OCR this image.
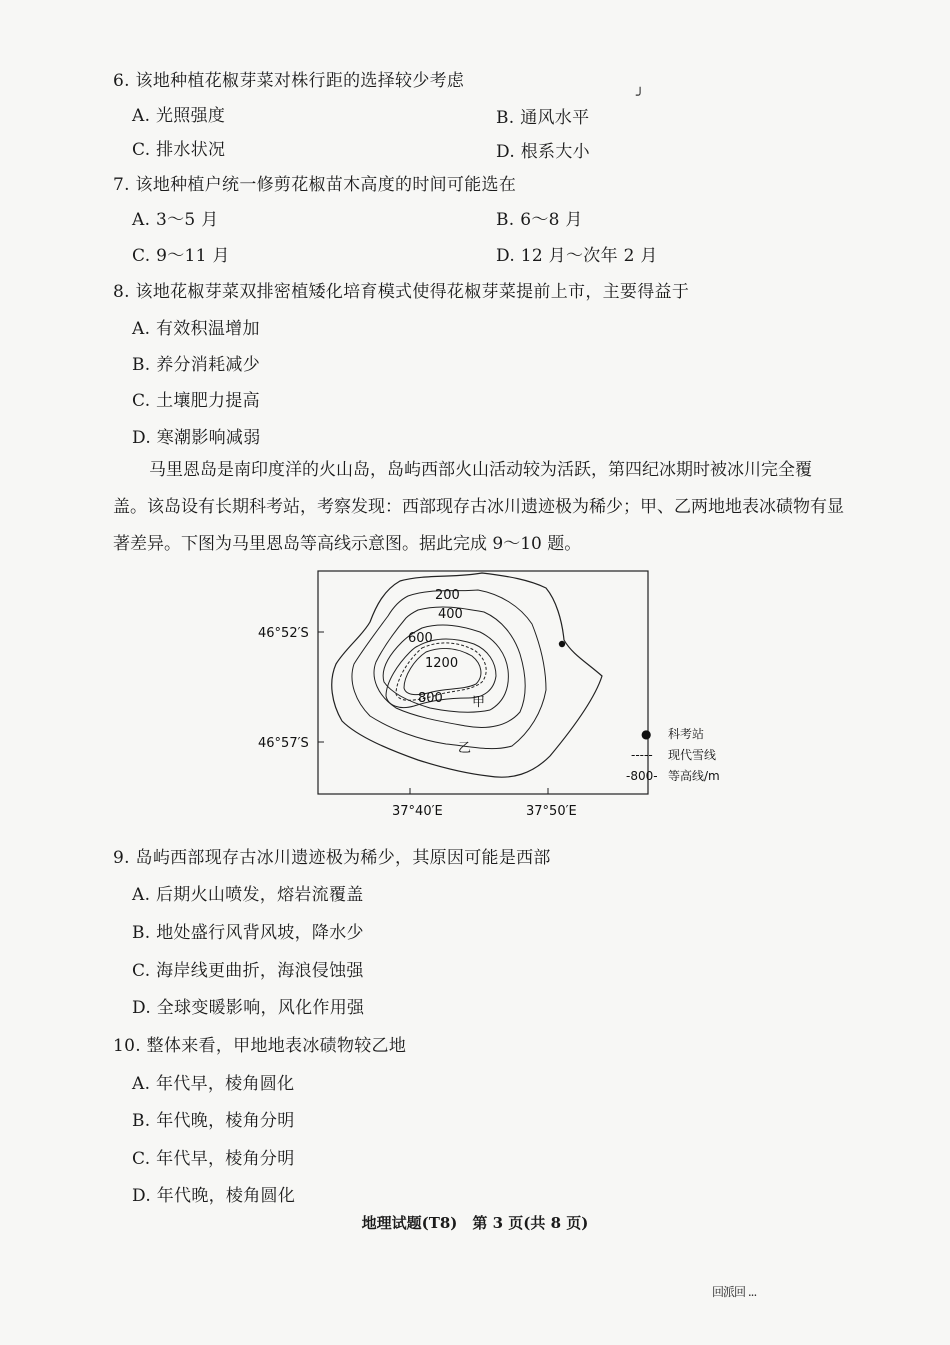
6. 该地种植花椒芽菜对株行距的选择较少考虑
╯
A. 光照强度	B. 通风水平
C. 排水状况	D. 根系大小
7. 该地种植户统一修剪花椒苗木高度的时间可能选在
A. 3～5 月	B. 6～8 月
C. 9～11 月	D. 12 月～次年 2 月
8. 该地花椒芽菜双排密植矮化培育模式使得花椒芽菜提前上市，主要得益于
A. 有效积温增加
B. 养分消耗减少
C. 土壤肥力提高
D. 寒潮影响减弱

马里恩岛是南印度洋的火山岛，岛屿西部火山活动较为活跃，第四纪冰期时被冰川完全覆

盖。该岛设有长期科考站，考察发现：西部现存古冰川遗迹极为稀少；甲、乙两地地表冰碛物有显

著差异。下图为马里恩岛等高线示意图。据此完成 9～10 题。

200
400
600
1200
800 甲
乙
46°52′S
46°57′S
37°40′E	37°50′E
● 科考站
----- 现代雪线
-800- 等高线/m
9. 岛屿西部现存古冰川遗迹极为稀少，其原因可能是西部
A. 后期火山喷发，熔岩流覆盖
B. 地处盛行风背风坡，降水少
C. 海岸线更曲折，海浪侵蚀强
D. 全球变暖影响，风化作用强
10. 整体来看，甲地地表冰碛物较乙地
A. 年代早，棱角圆化
B. 年代晚，棱角分明
C. 年代早，棱角分明
D. 年代晚，棱角圆化
地理试题(T8)　第 3 页(共 8 页)
回派回 ...
